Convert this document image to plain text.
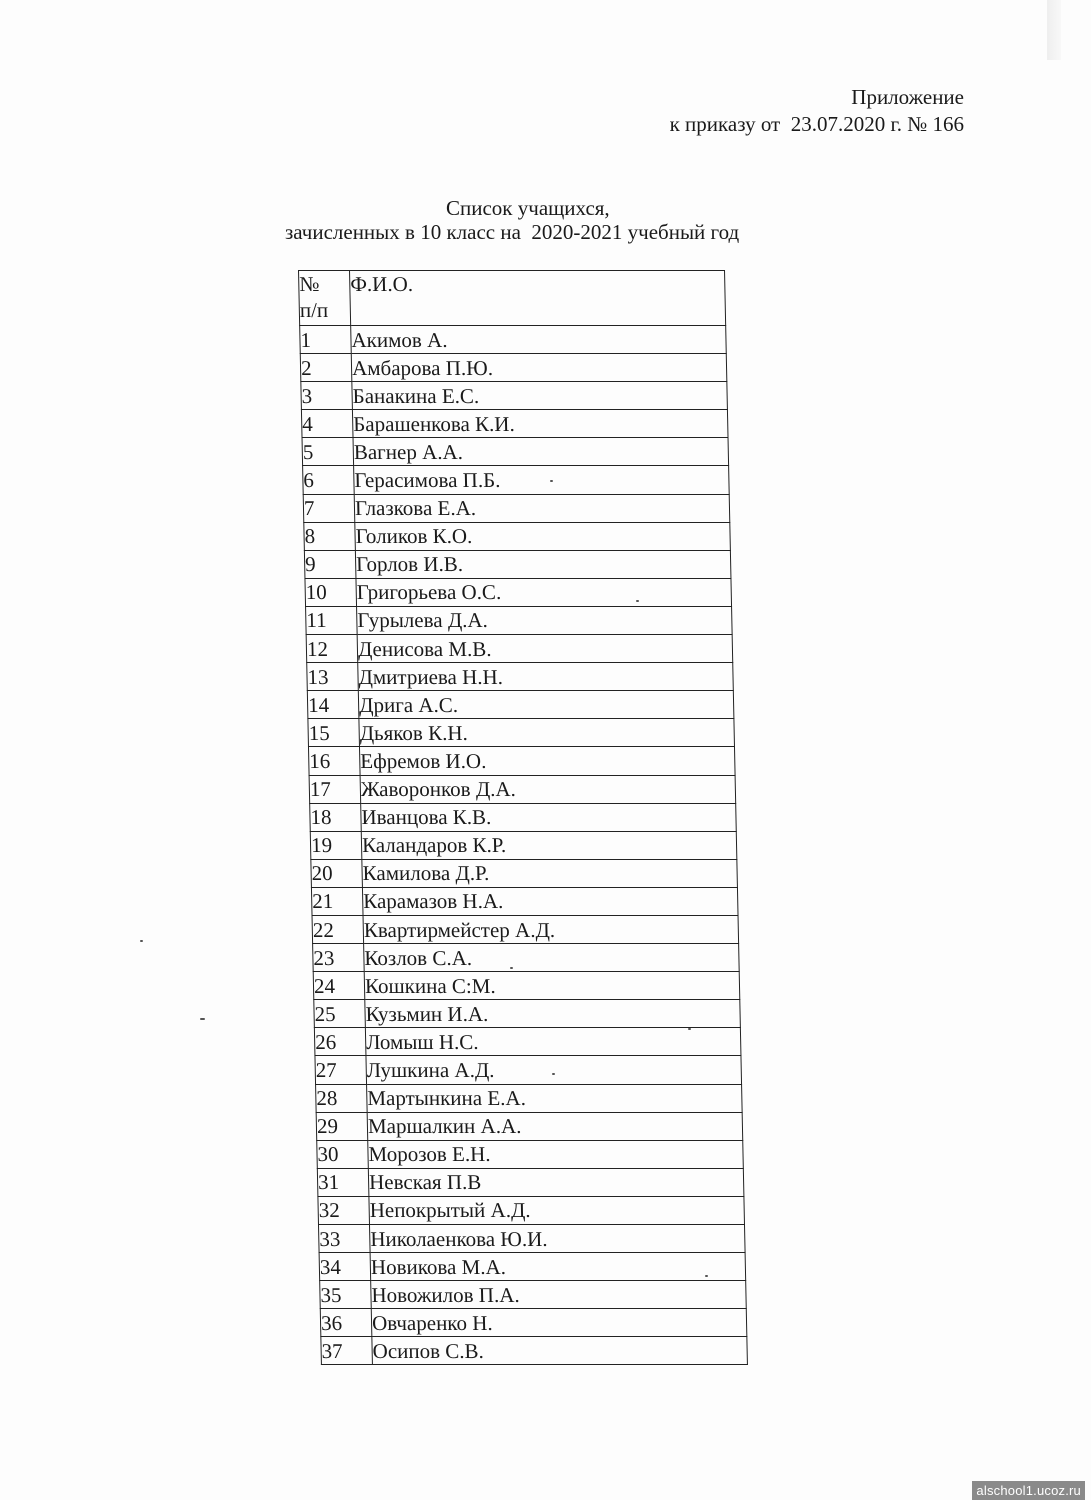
Приложение
к приказу от  23.07.2020 г. № 166
Список учащихся,
зачисленных в 10 класс на  2020-2021 учебный год
№
п/п	Ф.И.О.
1	Акимов А.
2	Амбарова П.Ю.
3	Банакина Е.С.
4	Барашенкова К.И.
5	Вагнер А.А.
6	Герасимова П.Б.
7	Глазкова Е.А.
8	Голиков К.О.
9	Горлов И.В.
10	Григорьева О.С.
11	Гурылева Д.А.
12	Денисова М.В.
13	Дмитриева Н.Н.
14	Дрига А.С.
15	Дьяков К.Н.
16	Ефремов И.О.
17	Жаворонков Д.А.
18	Иванцова К.В.
19	Каландаров К.Р.
20	Камилова Д.Р.
21	Карамазов Н.А.
22	Квартирмейстер А.Д.
23	Козлов С.А.
24	Кошкина С:М.
25	Кузьмин И.А.
26	Ломыш Н.С.
27	Лушкина А.Д.
28	Мартынкина Е.А.
29	Маршалкин А.А.
30	Морозов Е.Н.
31	Невская П.В
32	Непокрытый А.Д.
33	Николаенкова Ю.И.
34	Новикова М.А.
35	Новожилов П.А.
36	Овчаренко Н.
37	Осипов С.В.
alschool1.ucoz.ru
